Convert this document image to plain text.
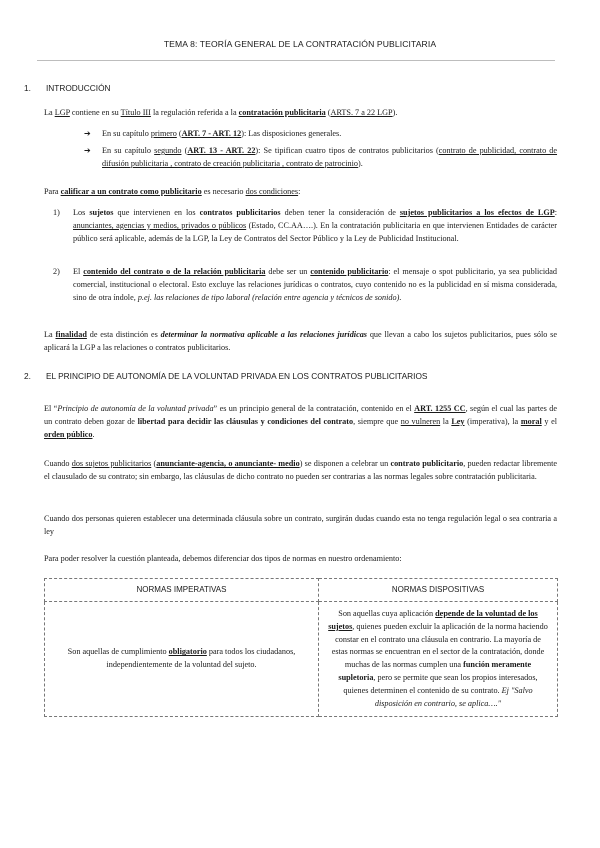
TEMA 8: TEORÍA GENERAL DE LA CONTRATACIÓN PUBLICITARIA
1. INTRODUCCIÓN
La LGP contiene en su Título III la regulación referida a la contratación publicitaria (ARTS. 7 a 22 LGP).
➔ En su capítulo primero (ART. 7 - ART. 12): Las disposiciones generales.
➔ En su capítulo segundo (ART. 13 - ART. 22): Se tipifican cuatro tipos de contratos publicitarios (contrato de publicidad, contrato de difusión publicitaria , contrato de creación publicitaria , contrato de patrocinio).
Para calificar a un contrato como publicitario es necesario dos condiciones:
1) Los sujetos que intervienen en los contratos publicitarios deben tener la consideración de sujetos publicitarios a los efectos de LGP: anunciantes, agencias y medios, privados o públicos (Estado, CC.AA….). En la contratación publicitaria en que intervienen Entidades de carácter público será aplicable, además de la LGP, la Ley de Contratos del Sector Público y la Ley de Publicidad Institucional.
2) El contenido del contrato o de la relación publicitaria debe ser un contenido publicitario: el mensaje o spot publicitario, ya sea publicidad comercial, institucional o electoral. Esto excluye las relaciones jurídicas o contratos, cuyo contenido no es la publicidad en sí misma considerada, sino de otra índole, p.ej. las relaciones de tipo laboral (relación entre agencia y técnicos de sonido).
La finalidad de esta distinción es determinar la normativa aplicable a las relaciones jurídicas que llevan a cabo los sujetos publicitarios, pues sólo se aplicará la LGP a las relaciones o contratos publicitarios.
2. EL PRINCIPIO DE AUTONOMÍA DE LA VOLUNTAD PRIVADA EN LOS CONTRATOS PUBLICITARIOS
El “Principio de autonomía de la voluntad privada” es un principio general de la contratación, contenido en el ART. 1255 CC, según el cual las partes de un contrato deben gozar de libertad para decidir las cláusulas y condiciones del contrato, siempre que no vulneren la Ley (imperativa), la moral y el orden público.
Cuando dos sujetos publicitarios (anunciante-agencia, o anunciante- medio) se disponen a celebrar un contrato publicitario, pueden redactar libremente el clausulado de su contrato; sin embargo, las cláusulas de dicho contrato no pueden ser contrarias a las normas legales sobre contratación publicitaria.
Cuando dos personas quieren establecer una determinada cláusula sobre un contrato, surgirán dudas cuando esta no tenga regulación legal o sea contraria a ley
Para poder resolver la cuestión planteada, debemos diferenciar dos tipos de normas en nuestro ordenamiento:
NORMAS IMPERATIVAS	NORMAS DISPOSITIVAS
Son aquellas de cumplimiento obligatorio para todos los ciudadanos, independientemente de la voluntad del sujeto.	Son aquellas cuya aplicación depende de la voluntad de los sujetos, quienes pueden excluir la aplicación de la norma haciendo constar en el contrato una cláusula en contrario. La mayoría de estas normas se encuentran en el sector de la contratación, donde muchas de las normas cumplen una función meramente supletoria, pero se permite que sean los propios interesados, quienes determinen el contenido de su contrato. Ej "Salvo disposición en contrario, se aplica…."
